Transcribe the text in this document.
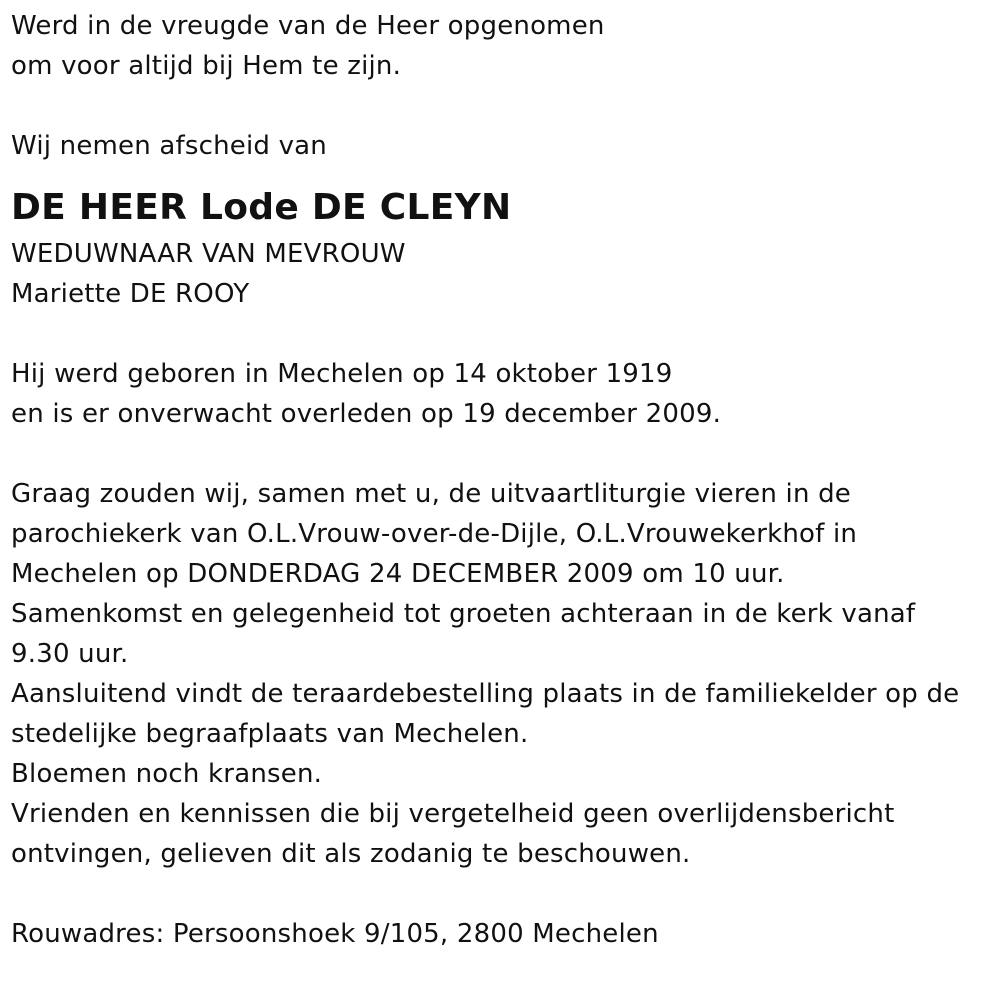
Werd in de vreugde van de Heer opgenomen
om voor altijd bij Hem te zijn.
Wij nemen afscheid van
DE HEER Lode DE CLEYN
WEDUWNAAR VAN MEVROUW
Mariette DE ROOY
Hij werd geboren in Mechelen op 14 oktober 1919
en is er onverwacht overleden op 19 december 2009.
Graag zouden wij, samen met u, de uitvaartliturgie vieren in de
parochiekerk van O.L.Vrouw-over-de-Dijle, O.L.Vrouwekerkhof in
Mechelen op DONDERDAG 24 DECEMBER 2009 om 10 uur.
Samenkomst en gelegenheid tot groeten achteraan in de kerk vanaf
9.30 uur.
Aansluitend vindt de teraardebestelling plaats in de familiekelder op de
stedelijke begraafplaats van Mechelen.
Bloemen noch kransen.
Vrienden en kennissen die bij vergetelheid geen overlijdensbericht
ontvingen, gelieven dit als zodanig te beschouwen.
Rouwadres: Persoonshoek 9/105, 2800 Mechelen
